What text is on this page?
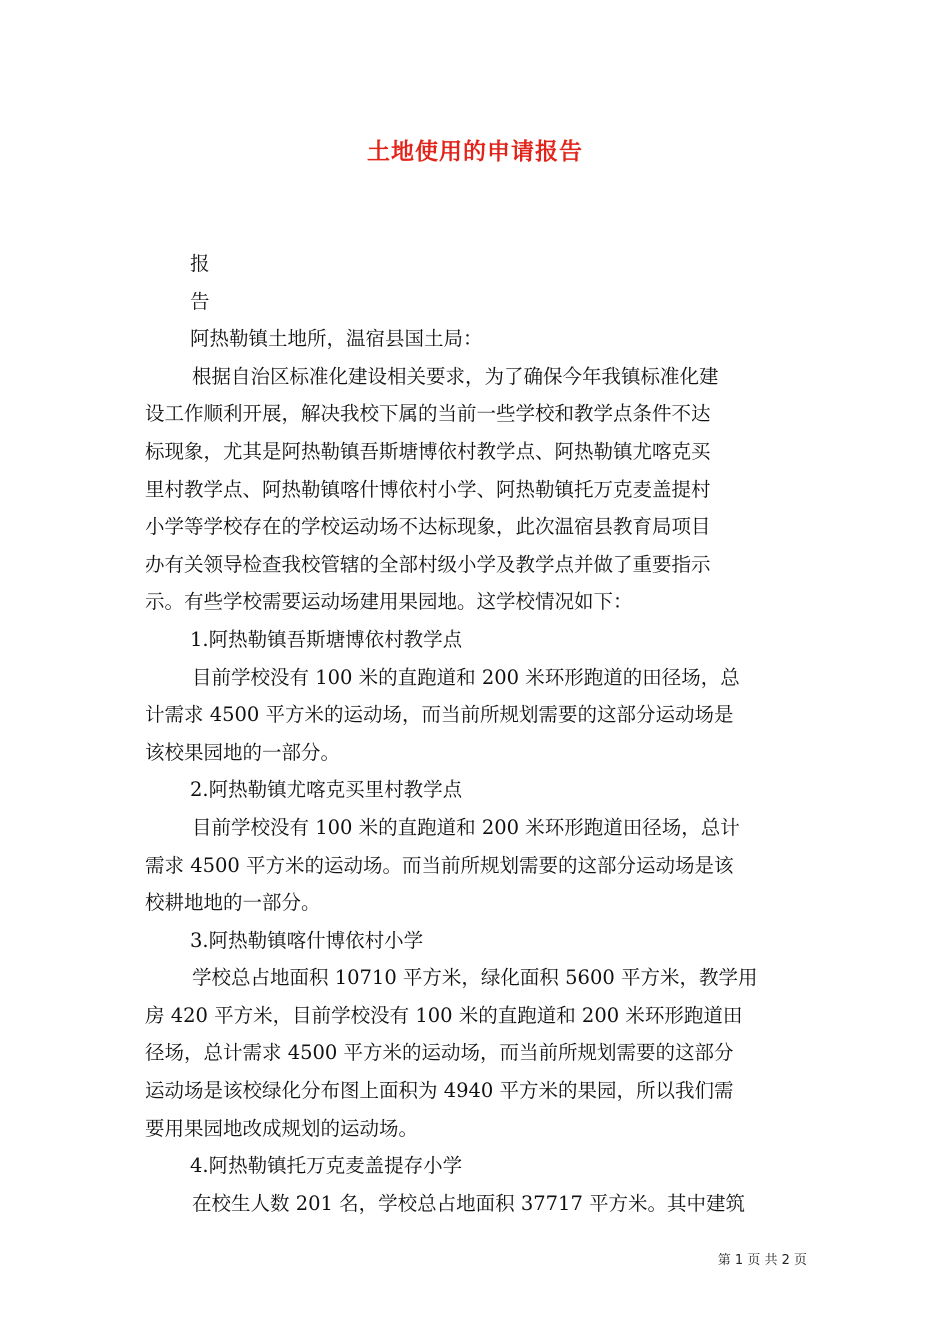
土地使用的申请报告

报

告

阿热勒镇土地所，温宿县国土局：

根据自治区标准化建设相关要求，为了确保今年我镇标准化建

设工作顺利开展，解决我校下属的当前一些学校和教学点条件不达

标现象，尤其是阿热勒镇吾斯塘博依村教学点、阿热勒镇尤喀克买

里村教学点、阿热勒镇喀什博依村小学、阿热勒镇托万克麦盖提村

小学等学校存在的学校运动场不达标现象，此次温宿县教育局项目

办有关领导检查我校管辖的全部村级小学及教学点并做了重要指示

示。有些学校需要运动场建用果园地。这学校情况如下：

1.阿热勒镇吾斯塘博依村教学点

目前学校没有 100 米的直跑道和 200 米环形跑道的田径场，总

计需求 4500 平方米的运动场，而当前所规划需要的这部分运动场是

该校果园地的一部分。

2.阿热勒镇尤喀克买里村教学点

目前学校没有 100 米的直跑道和 200 米环形跑道田径场，总计

需求 4500 平方米的运动场。而当前所规划需要的这部分运动场是该

校耕地地的一部分。

3.阿热勒镇喀什博依村小学

学校总占地面积 10710 平方米，绿化面积 5600 平方米，教学用

房 420 平方米，目前学校没有 100 米的直跑道和 200 米环形跑道田

径场，总计需求 4500 平方米的运动场，而当前所规划需要的这部分

运动场是该校绿化分布图上面积为 4940 平方米的果园，所以我们需

要用果园地改成规划的运动场。

4.阿热勒镇托万克麦盖提存小学

在校生人数 201 名，学校总占地面积 37717 平方米。其中建筑

第 1 页 共 2 页
